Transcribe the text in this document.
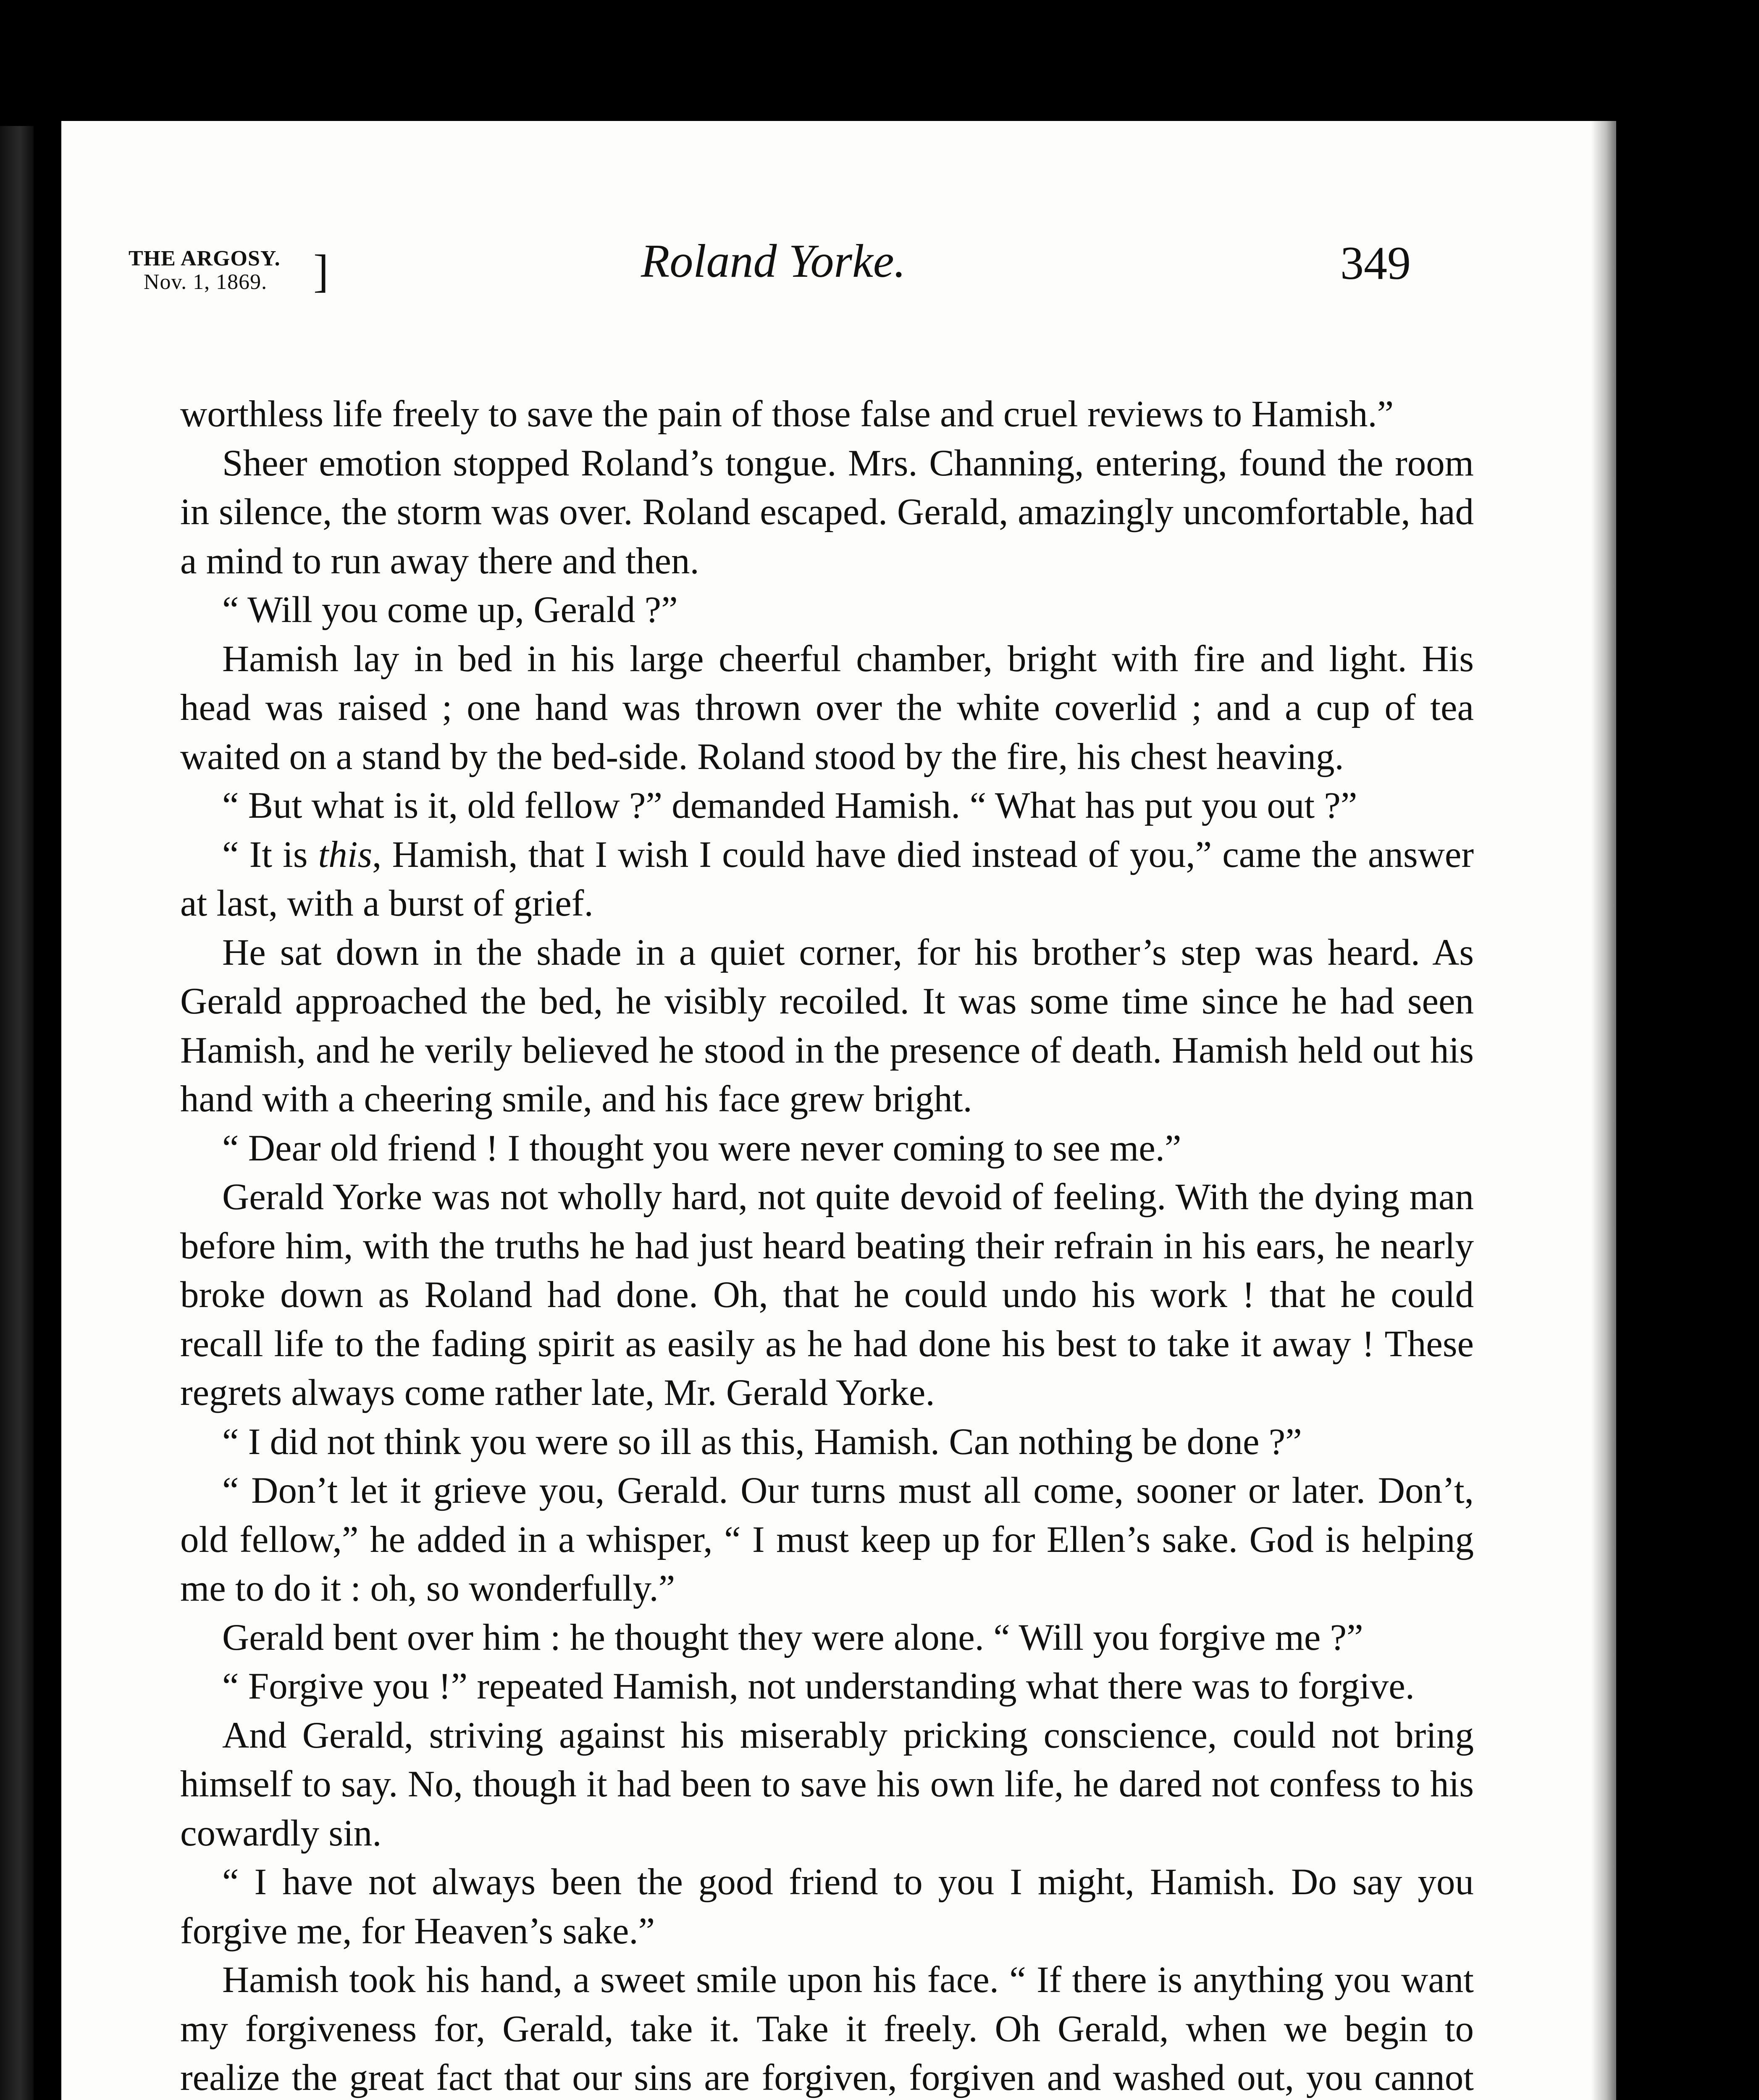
THE ARGOSY.
Nov. 1, 1869. ]	Roland Yorke.	349

worthless life freely to save the pain of those false and cruel reviews to Hamish.”

Sheer emotion stopped Roland’s tongue. Mrs. Channing, entering, found the room in silence, the storm was over. Roland escaped. Gerald, amazingly uncomfortable, had a mind to run away there and then.

“ Will you come up, Gerald ?”

Hamish lay in bed in his large cheerful chamber, bright with fire and light. His head was raised ; one hand was thrown over the white coverlid ; and a cup of tea waited on a stand by the bed-side. Roland stood by the fire, his chest heaving.

“ But what is it, old fellow ?” demanded Hamish. “ What has put you out ?”

“ It is this, Hamish, that I wish I could have died instead of you,” came the answer at last, with a burst of grief.

He sat down in the shade in a quiet corner, for his brother’s step was heard. As Gerald approached the bed, he visibly recoiled. It was some time since he had seen Hamish, and he verily believed he stood in the presence of death. Hamish held out his hand with a cheering smile, and his face grew bright.

“ Dear old friend ! I thought you were never coming to see me.”

Gerald Yorke was not wholly hard, not quite devoid of feeling. With the dying man before him, with the truths he had just heard beating their refrain in his ears, he nearly broke down as Roland had done. Oh, that he could undo his work ! that he could recall life to the fading spirit as easily as he had done his best to take it away ! These regrets always come rather late, Mr. Gerald Yorke.

“ I did not think you were so ill as this, Hamish. Can nothing be done ?”

“ Don’t let it grieve you, Gerald. Our turns must all come, sooner or later. Don’t, old fellow,” he added in a whisper, “ I must keep up for Ellen’s sake. God is helping me to do it : oh, so wonderfully.”

Gerald bent over him : he thought they were alone. “ Will you forgive me ?”

“ Forgive you !” repeated Hamish, not understanding what there was to forgive.

And Gerald, striving against his miserably pricking conscience, could not bring himself to say. No, though it had been to save his own life, he dared not confess to his cowardly sin.

“ I have not always been the good friend to you I might, Hamish. Do say you forgive me, for Heaven’s sake.”

Hamish took his hand, a sweet smile upon his face. “ If there is anything you want my forgiveness for, Gerald, take it. Take it freely. Oh Gerald, when we begin to realize the great fact that our sins are forgiven, forgiven and washed out, you cannot
